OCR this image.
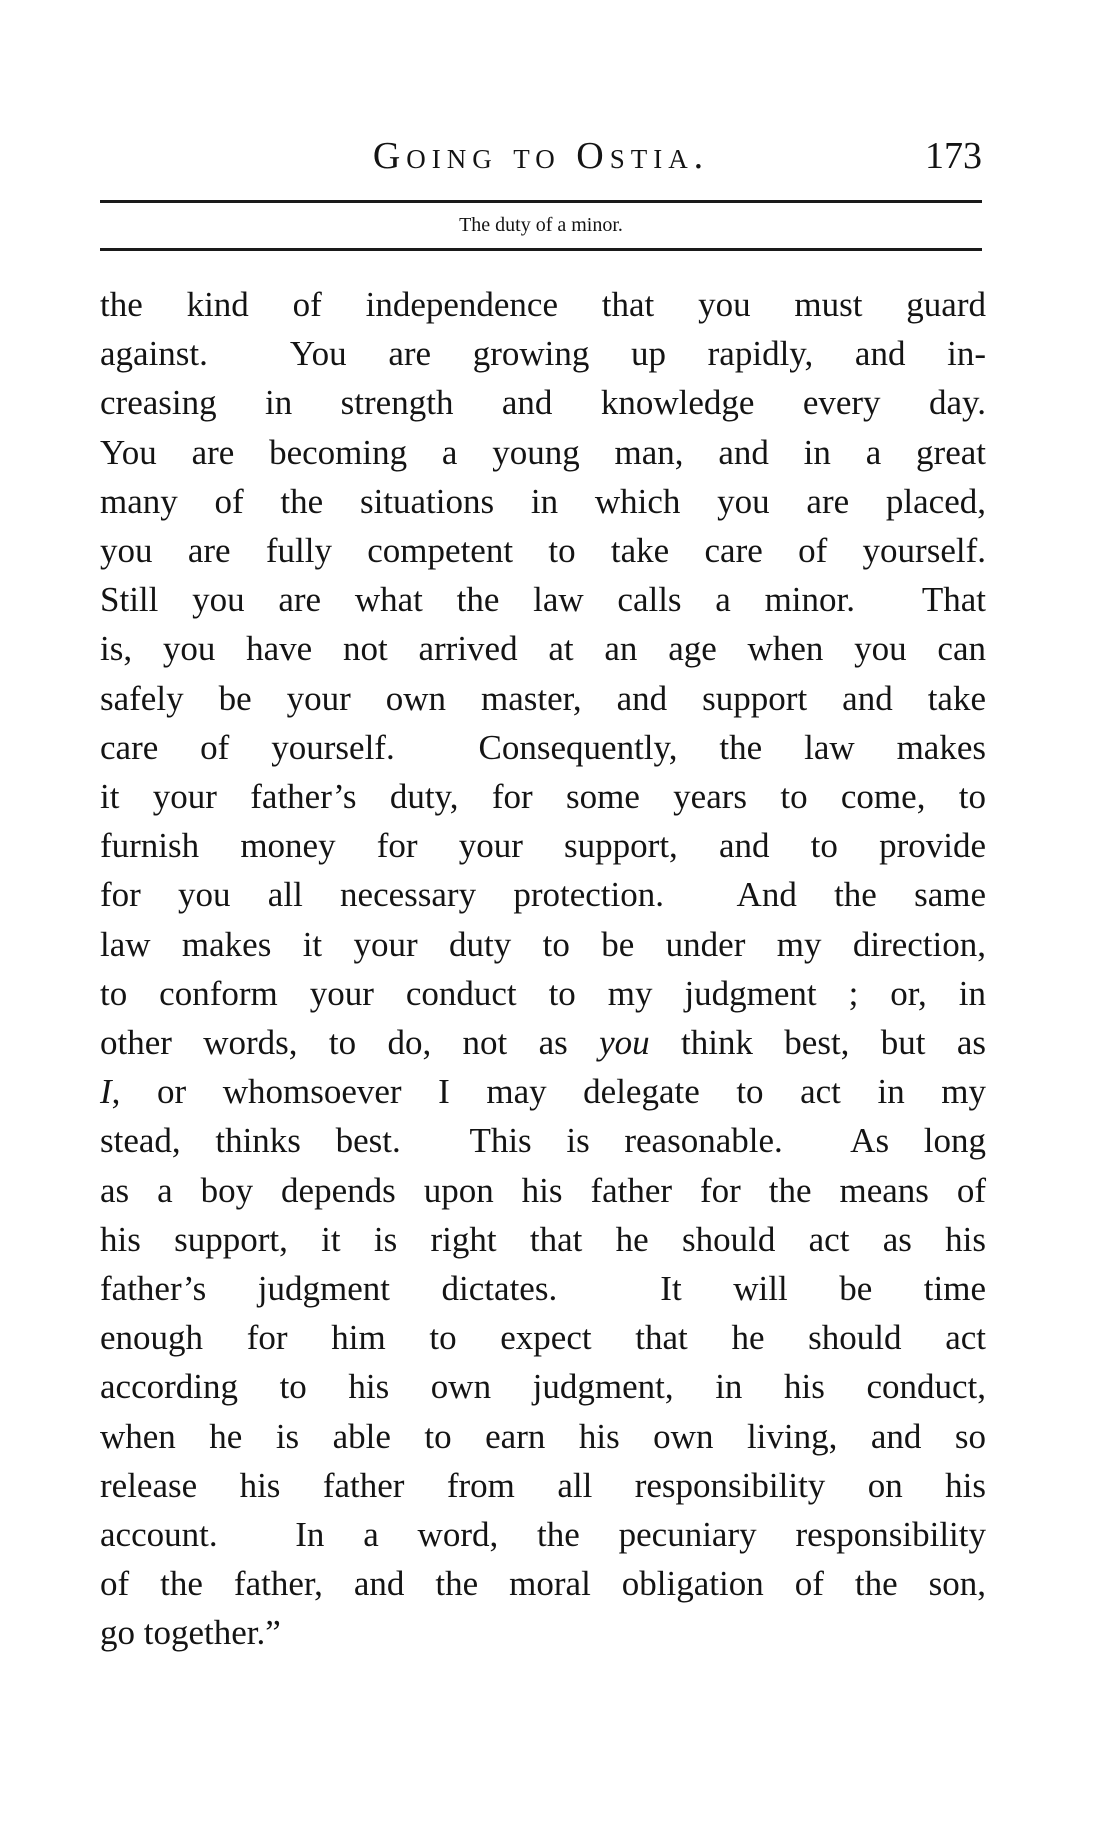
Going to Ostia.	173
The duty of a minor.
the kind of independence that you must guard
against.  You are growing up rapidly, and in-
creasing in strength and knowledge every day.
You are becoming a young man, and in a great
many of the situations in which you are placed,
you are fully competent to take care of yourself.
Still you are what the law calls a minor.  That
is, you have not arrived at an age when you can
safely be your own master, and support and take
care of yourself.  Consequently, the law makes
it your father’s duty, for some years to come, to
furnish money for your support, and to provide
for you all necessary protection.  And the same
law makes it your duty to be under my direction,
to conform your conduct to my judgment ; or, in
other words, to do, not as you think best, but as
I, or whomsoever I may delegate to act in my
stead, thinks best.  This is reasonable.  As long
as a boy depends upon his father for the means of
his support, it is right that he should act as his
father’s judgment dictates.  It will be time
enough for him to expect that he should act
according to his own judgment, in his conduct,
when he is able to earn his own living, and so
release his father from all responsibility on his
account.  In a word, the pecuniary responsibility
of the father, and the moral obligation of the son,
go together.”
